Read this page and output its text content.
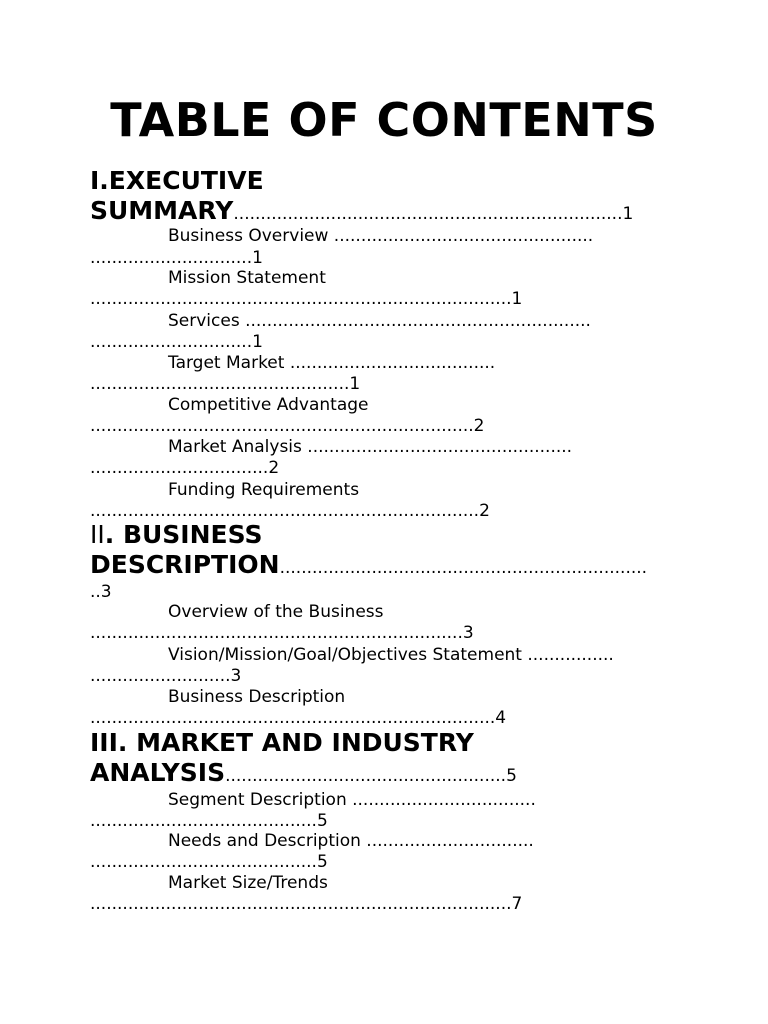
TABLE OF CONTENTS
I.EXECUTIVE
SUMMARY........................................................................1
Business Overview ................................................
..............................1
Mission Statement
..............................................................................1
Services ................................................................
..............................1
Target Market ......................................
................................................1
Competitive Advantage
.......................................................................2
Market Analysis .................................................
.................................2
Funding Requirements
........................................................................2
II. BUSINESS
DESCRIPTION....................................................................
..3
Overview of the Business
.....................................................................3
Vision/Mission/Goal/Objectives Statement ................
..........................3
Business Description
...........................................................................4
III. MARKET AND INDUSTRY
ANALYSIS....................................................5
Segment Description ..................................
..........................................5
Needs and Description ...............................
..........................................5
Market Size/Trends
..............................................................................7
